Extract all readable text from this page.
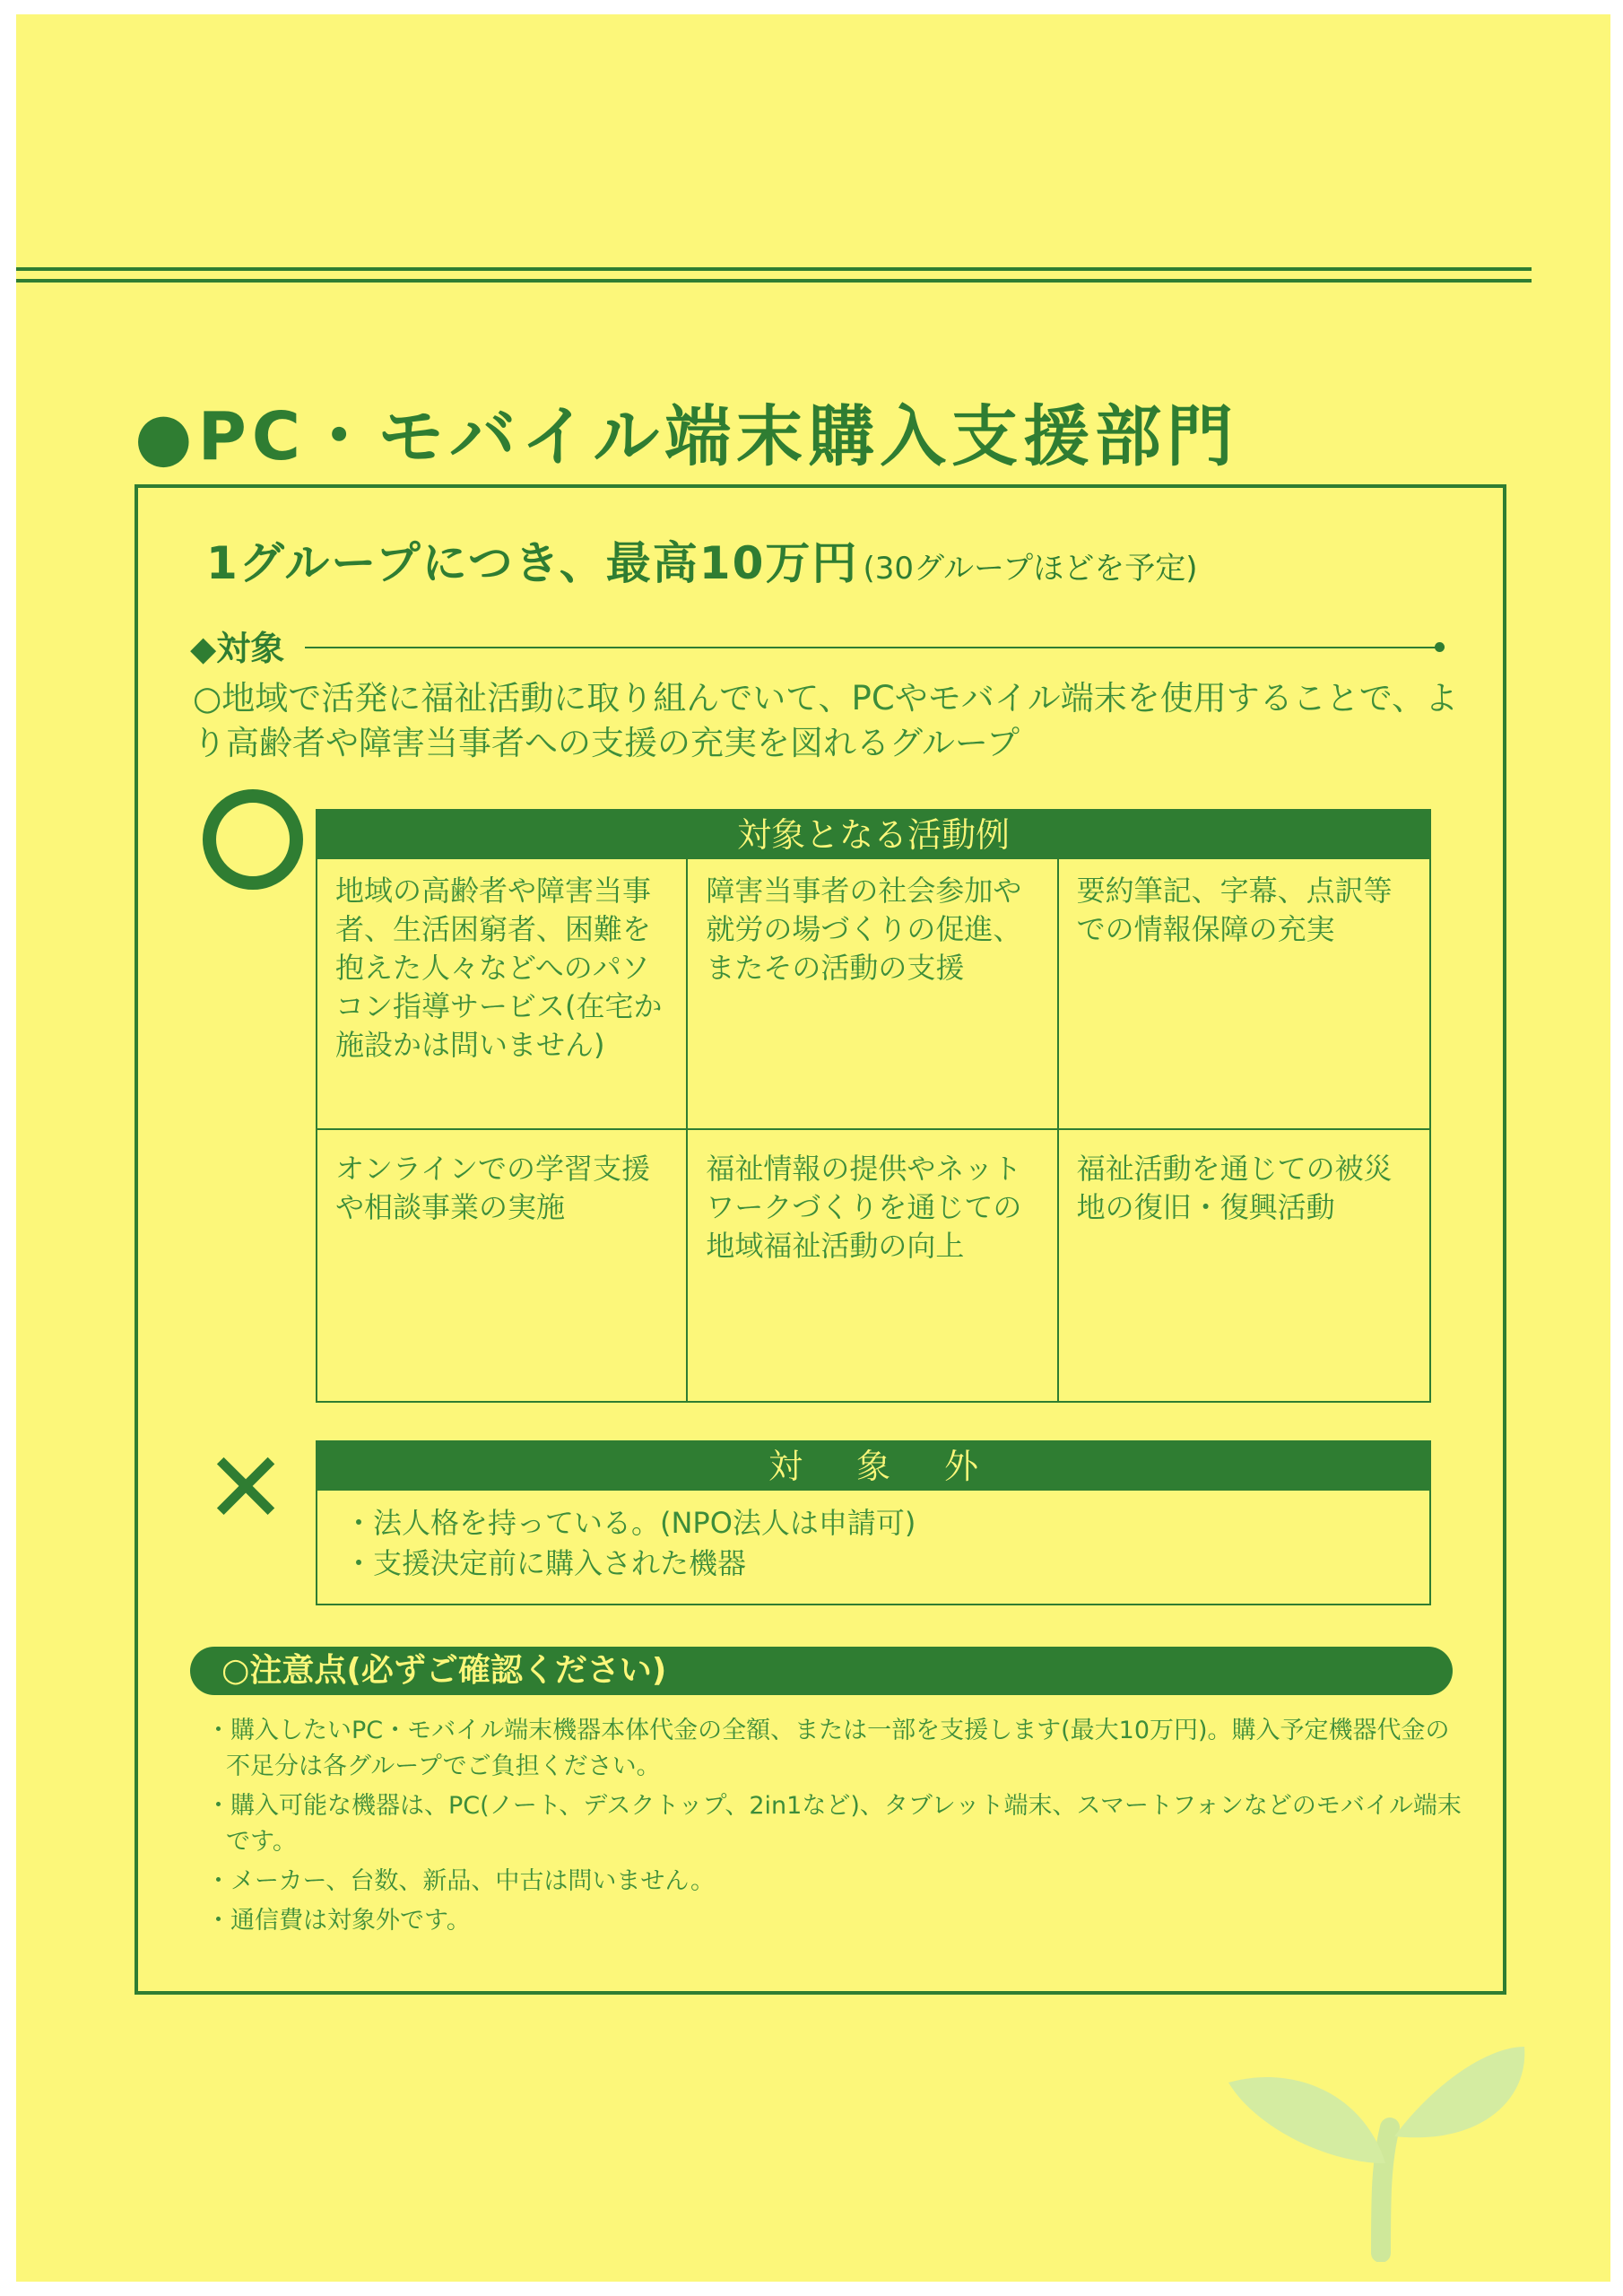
●PC・モバイル端末購入支援部門
1グループにつき、最高10万円 (30グループほどを予定)
◆対象
○地域で活発に福祉活動に取り組んでいて、PCやモバイル端末を使用することで、より高齢者や障害当事者への支援の充実を図れるグループ
対象となる活動例
地域の高齢者や障害当事者、生活困窮者、困難を抱えた人々などへのパソコン指導サービス(在宅か施設かは問いません)
障害当事者の社会参加や就労の場づくりの促進、またその活動の支援
要約筆記、字幕、点訳等での情報保障の充実
オンラインでの学習支援や相談事業の実施
福祉情報の提供やネットワークづくりを通じての地域福祉活動の向上
福祉活動を通じての被災地の復旧・復興活動
✕	対象外
・法人格を持っている。(NPO法人は申請可)
・支援決定前に購入された機器
○注意点(必ずご確認ください)
・購入したいPC・モバイル端末機器本体代金の全額、または一部を支援します(最大10万円)。購入予定機器代金の不足分は各グループでご負担ください。
・購入可能な機器は、PC(ノート、デスクトップ、2in1など)、タブレット端末、スマートフォンなどのモバイル端末です。
・メーカー、台数、新品、中古は問いません。
・通信費は対象外です。
